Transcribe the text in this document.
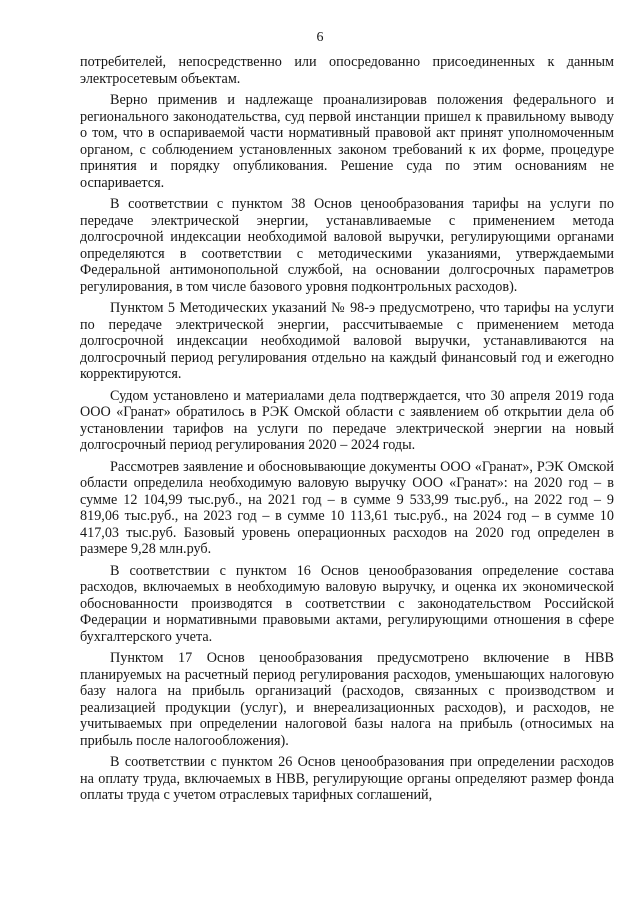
6

потребителей, непосредственно или опосредованно присоединенных к данным электросетевым объектам.

Верно применив и надлежаще проанализировав положения федерального и регионального законодательства, суд первой инстанции пришел к правильному выводу о том, что в оспариваемой части нормативный правовой акт принят уполномоченным органом, с соблюдением установленных законом требований к их форме, процедуре принятия и порядку опубликования. Решение суда по этим основаниям не оспаривается.

В соответствии с пунктом 38 Основ ценообразования тарифы на услуги по передаче электрической энергии, устанавливаемые с применением метода долгосрочной индексации необходимой валовой выручки, регулирующими органами определяются в соответствии с методическими указаниями, утверждаемыми Федеральной антимонопольной службой, на основании долгосрочных параметров регулирования, в том числе базового уровня подконтрольных расходов).

Пунктом 5 Методических указаний № 98-э предусмотрено, что тарифы на услуги по передаче электрической энергии, рассчитываемые с применением метода долгосрочной индексации необходимой валовой выручки, устанавливаются на долгосрочный период регулирования отдельно на каждый финансовый год и ежегодно корректируются.

Судом установлено и материалами дела подтверждается, что 30 апреля 2019 года ООО «Гранат» обратилось в РЭК Омской области с заявлением об открытии дела об установлении тарифов на услуги по передаче электрической энергии на новый долгосрочный период регулирования 2020 – 2024 годы.

Рассмотрев заявление и обосновывающие документы ООО «Гранат», РЭК Омской области определила необходимую валовую выручку ООО «Гранат»: на 2020 год – в сумме 12 104,99 тыс.руб., на 2021 год – в сумме 9 533,99 тыс.руб., на 2022 год – 9 819,06 тыс.руб., на 2023 год – в сумме 10 113,61 тыс.руб., на 2024 год – в сумме 10 417,03 тыс.руб. Базовый уровень операционных расходов на 2020 год определен в размере 9,28 млн.руб.

В соответствии с пунктом 16 Основ ценообразования определение состава расходов, включаемых в необходимую валовую выручку, и оценка их экономической обоснованности производятся в соответствии с законодательством Российской Федерации и нормативными правовыми актами, регулирующими отношения в сфере бухгалтерского учета.

Пунктом 17 Основ ценообразования предусмотрено включение в НВВ планируемых на расчетный период регулирования расходов, уменьшающих налоговую базу налога на прибыль организаций (расходов, связанных с производством и реализацией продукции (услуг), и внереализационных расходов), и расходов, не учитываемых при определении налоговой базы налога на прибыль (относимых на прибыль после налогообложения).

В соответствии с пунктом 26 Основ ценообразования при определении расходов на оплату труда, включаемых в НВВ, регулирующие органы определяют размер фонда оплаты труда с учетом отраслевых тарифных соглашений,
